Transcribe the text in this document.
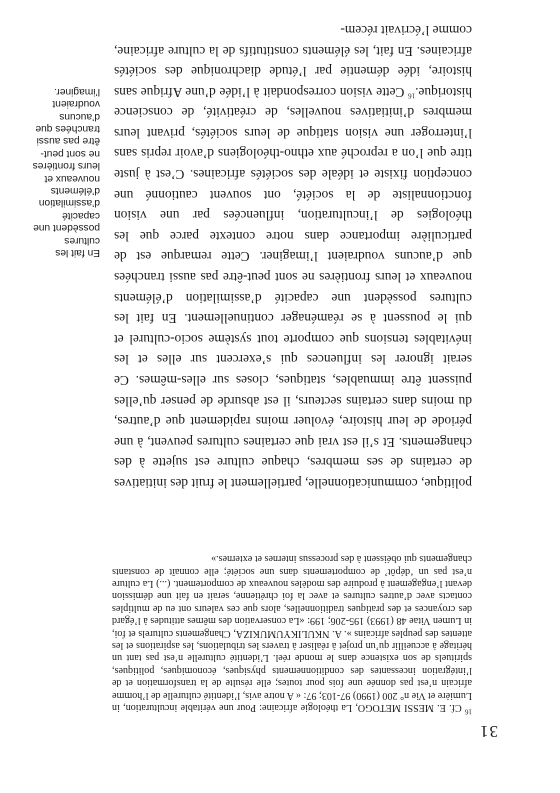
31

$^{16}$ Cf. E. MESSI METOGO, La théologie africaine: Pour une véritable inculturation, in Lumière et Vie n° 200 (1990) 97-103; 97: « A notre avis, l’identité culturelle de l’homme africain n’est pas donnée une fois pour toutes; elle résulte de la transformation et de l’intégration incessantes des conditionnements physiques, économiques, politiques, spirituels de son existence dans le monde réel. L’identité culturelle n’est pas tant un héritage à accueillir qu’un projet à réaliser à travers les tribulations, les aspirations et les attentes des peuples africains ». A. NKULIKYUMUKIZA, Changements culturels et foi, in Lumen Vitae 48 (1993) 195-206; 199: «La conservation des mêmes attitudes à l’égard des croyances et des pratiques traditionnelles, alors que ces valeurs ont eu de multiples contacts avec d’autres cultures et avec la foi chrétienne, serait en fait une démission devant l’engagement à produire des modèles nouveaux de comportement. (...) La culture n’est pas un ‘dépôt’ de comportements dans une société; elle connaît de constants changements qui obéissent à des processus internes et externes.»

politique, communicationnelle, partiellement le fruit des initiatives de certains de ses membres, chaque culture est sujette à des changements. Et s’il est vrai que certaines cultures peuvent, à une période de leur histoire, évoluer moins rapidement que d’autres, du moins dans certains secteurs, il est absurde de penser qu’elles puissent être immuables, statiques, closes sur elles-mêmes. Ce serait ignorer les influences qui s’exercent sur elles et les inévitables tensions que comporte tout système socio-culturel et qui le poussent à se réaménager continuellement. En fait les cultures possèdent une capacité d’assimilation d’éléments nouveaux et leurs frontières ne sont peut-être pas aussi tranchées que d’aucuns voudraient l’imaginer. Cette remarque est de particulière importance dans notre contexte parce que les théologies de l’inculturation, influencées par une vision fonctionnaliste de la société, ont souvent cautionné une conception fixiste et idéale des sociétés africaines. C’est à juste titre que l’on a reproché aux ethno-théologiens d’avoir repris sans l’interroger une vision statique de leurs sociétés, privant leurs membres d’initiatives nouvelles, de créativité, de conscience historique.$^{16}$ Cette vision correspondait à l’idée d’une Afrique sans histoire, idée démentie par l’étude diachronique des sociétés africaines. En fait, les éléments constitutifs de la culture africaine, comme l’écrivait récem-

En fait les cultures possèdent une capacité d’assimilation d’éléments nouveaux et leurs frontières ne sont peut-être pas aussi tranchées que d’aucuns voudraient l’imaginer.
